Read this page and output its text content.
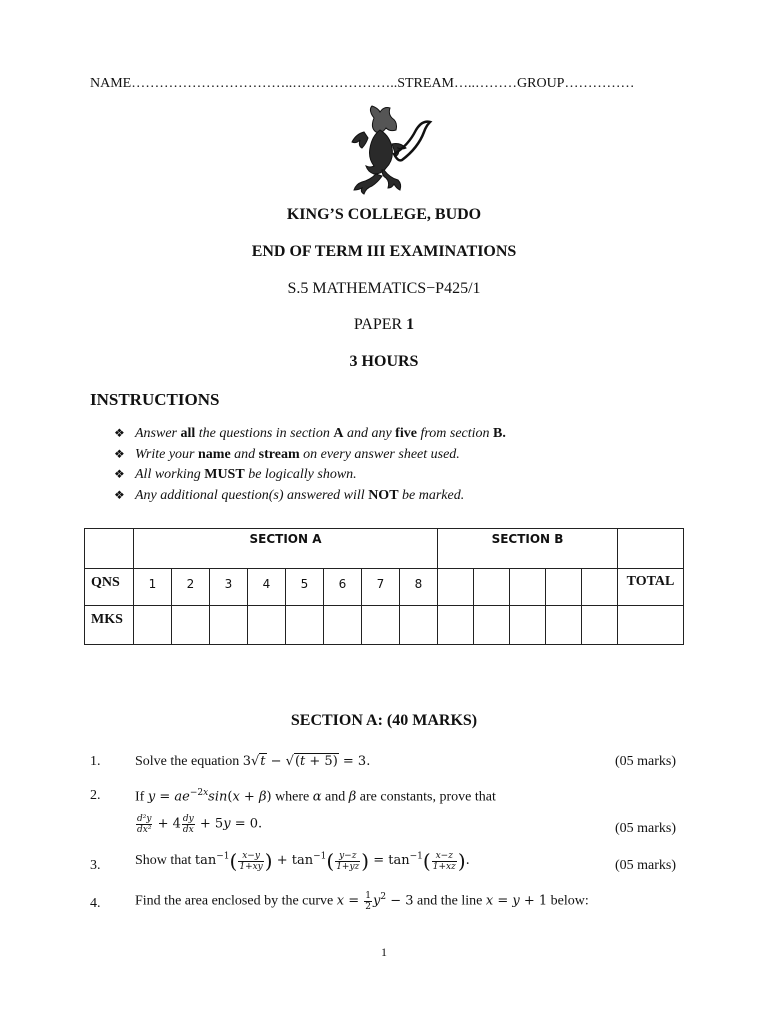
NAME……………………………..…………………..STREAM…..………GROUP……………
KING’S COLLEGE, BUDO
END OF TERM III EXAMINATIONS
S.5 MATHEMATICS−P425/1
PAPER 1
3 HOURS
INSTRUCTIONS
❖ Answer all the questions in section A and any five from section B.
❖ Write your name and stream on every answer sheet used.
❖ All working MUST be logically shown.
❖ Any additional question(s) answered will NOT be marked.
	SECTION A								SECTION B					
QNS	1	2	3	4	5	6	7	8						TOTAL
MKS														
SECTION A: (40 MARKS)
1. Solve the equation 3√t − √(t + 5) = 3.	(05 marks)
2. If $y = ae^{-2x}\sin(x + \beta)$ where α and β are constants, prove that
$\frac{\text{d²y}}{\text{dx²}} + 4 \frac{dy}{dx} + 5y = 0$.	(05 marks)
3. Show that $\tan^{-1}( \frac{x-y}{1+xy}$ ) + $\tan^{-1}( \frac{y-z}{1+yz}$ ) = $\tan^{-1}( \frac{x-z}{1+xz}$ ).	(05 marks)
4. Find the area enclosed by the curve $x = \frac{1}{2} y^2 - 3$ and the line x = y + 1 below:
1
